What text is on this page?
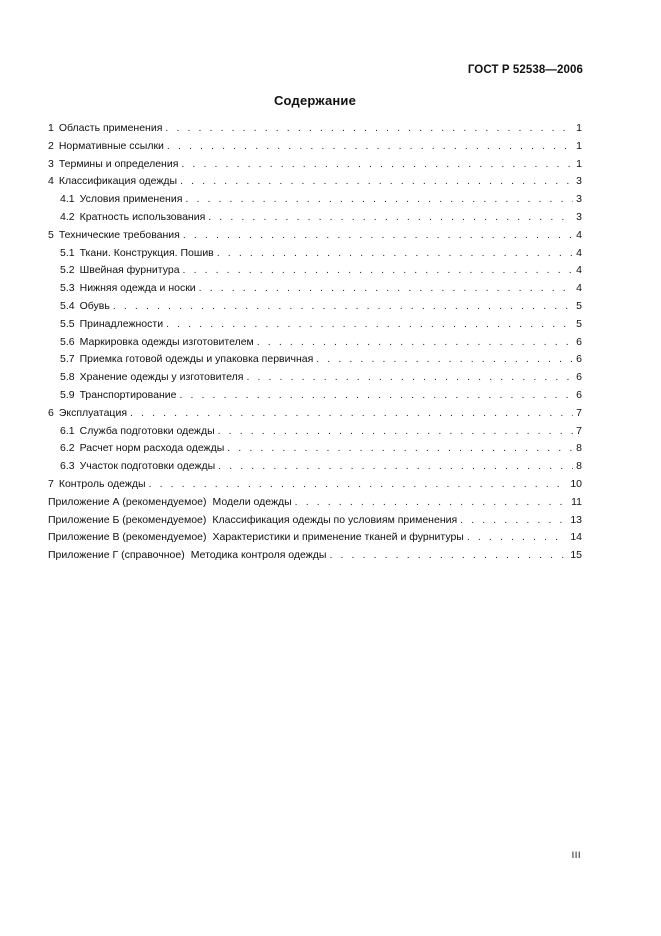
ГОСТ Р 52538—2006
Содержание
1 Область применения . . .	1
2 Нормативные ссылки . . .	1
3 Термины и определения . . .	1
4 Классификация одежды . . .	3
4.1 Условия применения . . .	3
4.2 Кратность использования . . .	3
5 Технические требования . . .	4
5.1 Ткани. Конструкция. Пошив . . .	4
5.2 Швейная фурнитура . . .	4
5.3 Нижняя одежда и носки . . .	4
5.4 Обувь . . .	5
5.5 Принадлежности . . .	5
5.6 Маркировка одежды изготовителем . . .	6
5.7 Приемка готовой одежды и упаковка первичная . . .	6
5.8 Хранение одежды у изготовителя . . .	6
5.9 Транспортирование . . .	6
6 Эксплуатация . . .	7
6.1 Служба подготовки одежды . . .	7
6.2 Расчет норм расхода одежды . . .	8
6.3 Участок подготовки одежды . . .	8
7 Контроль одежды . . .	10
Приложение А (рекомендуемое) Модели одежды . . .	11
Приложение Б (рекомендуемое) Классификация одежды по условиям применения . . .	13
Приложение В (рекомендуемое) Характеристики и применение тканей и фурнитуры . . .	14
Приложение Г (справочное) Методика контроля одежды . . .	15
III
